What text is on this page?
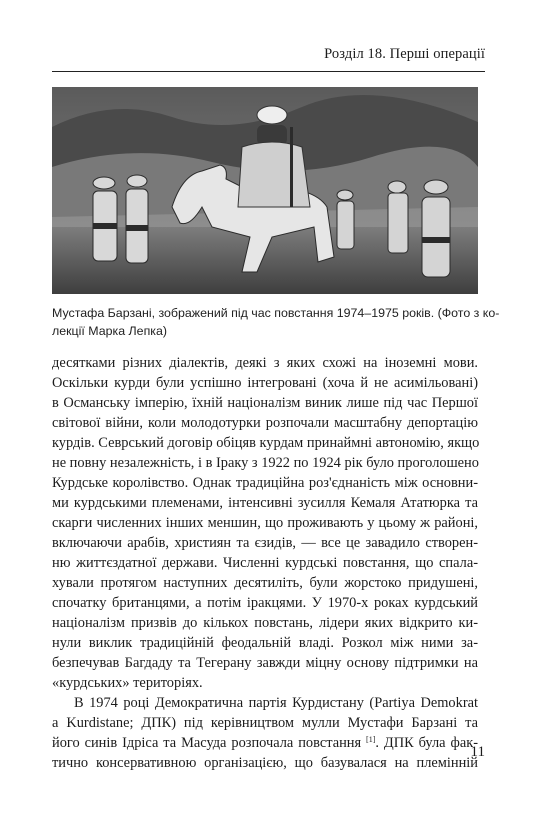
Розділ 18. Перші операції
Мустафа Барзані, зображений під час повстання 1974–1975 років. (Фото з ко-
лекції Марка Лепка)
десятками різних діалектів, деякі з яких схожі на іноземні мови.
Оскільки курди були успішно інтегровані (хоча й не асимільовані)
в Османську імперію, їхній націоналізм виник лише під час Першої
світової війни, коли молодотурки розпочали масштабну депортацію
курдів. Севрський договір обіцяв курдам принаймні автономію, якщо
не повну незалежність, і в Іраку з 1922 по 1924 рік було проголошено
Курдське королівство. Однак традиційна роз'єднаність між основни-
ми курдськими племенами, інтенсивні зусилля Кемаля Ататюрка та
скарги численних інших меншин, що проживають у цьому ж районі,
включаючи арабів, християн та єзидів, — все це завадило створен-
ню життєздатної держави. Численні курдські повстання, що спала-
хували протягом наступних десятиліть, були жорстоко придушені,
спочатку британцями, а потім іракцями. У 1970-х роках курдський
націоналізм призвів до кількох повстань, лідери яких відкрито ки-
нули виклик традиційній феодальній владі. Розкол між ними за-
безпечував Багдаду та Тегерану завжди міцну основу підтримки на
«курдських» територіях.
В 1974 році Демократична партія Курдистану (Partiya Demokrat
a Kurdistane; ДПК) під керівництвом мулли Мустафи Барзані та
його синів Ідріса та Масуда розпочала повстання [1]. ДПК була фак-
тично консервативною організацією, що базувалася на племінній
11
